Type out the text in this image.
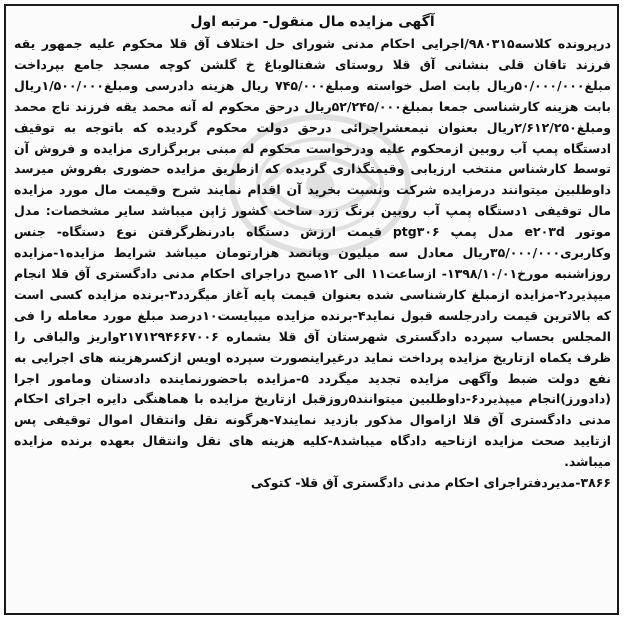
آگهی مزایده مال منقول- مرتبه اول

درپرونده کلاسه۹۸۰۳۱۵/اجرایی احکام مدنی شورای حل اختلاف آق قلا محکوم علیه جمهور یقه فرزند تاقان قلی بنشانی آق قلا روستای شفتالوباغ خ گلشن کوچه مسجد جامع بپرداخت مبلغ۵۰/۰۰۰/۰۰۰ریال بابت اصل خواسته ومبلغ۷۴۵/۰۰۰ ریال هزینه دادرسی ومبلغ۱/۵۰۰/۰۰۰ریال بابت هزینه کارشناسی جمعا بمبلغ۵۲/۲۴۵/۰۰۰ریال درحق محکوم له آنه محمد یقه فرزند تاج محمد ومبلغ۲/۶۱۲/۲۵۰ریال بعنوان نیمعشراجرائی درحق دولت محکوم گردیده که باتوجه به توقیف ادستگاه پمپ آب روبین ازمحکوم علیه ودرخواست محکوم له مبنی بربرگزاری مزایده و فروش آن توسط کارشناس منتخب ارزیابی وقیمتگذاری گردیده که ازطریق مزایده حضوری بفروش میرسد داوطلبین میتوانند درمزایده شرکت ونسبت بخرید آن اقدام نمایند شرح وقیمت مال مورد مزایده مال توقیفی ۱دستگاه پمپ آب روبین برنگ زرد ساخت کشور ژاپن میباشد سایر مشخصات: مدل موتور e۲۰۳d مدل پمپ ptg۳۰۶ قیمت ارزش دستگاه بادرنظرگرفتن نوع دستگاه- جنس وکاربری۳۵/۰۰۰/۰۰۰ریال معادل سه میلیون وپانصد هزارتومان میباشد شرایط مزایده۱-مزایده روزاشنبه مورخ۱۳۹۸/۱۰/۰۱- ازساعت۱۱ الی ۱۲صبح دراجرای احکام مدنی دادگستری آق قلا انجام میپذیرد۲-مزایده ازمبلغ کارشناسی شده بعنوان قیمت پایه آغاز میگردد۳-برنده مزایده کسی است که بالاترین قیمت رادرجلسه قبول نماید۴-برنده مزایده میبایست۱۰درصد مبلغ مورد معامله را فی المجلس بحساب سپرده دادگستری شهرستان آق قلا بشماره ۲۱۷۱۲۹۴۶۶۷۰۰۶واریز والباقی را ظرف یکماه ازتاریخ مزایده پرداخت نماید درغیراینصورت سپرده اویس ازکسرهزینه های اجرایی به نفع دولت ضبط وآگهی مزایده تجدید میگردد ۵-مزایده باحضورنماینده دادستان ومامور اجرا (دادورز)انجام میپذیرد۶-داوطلبین میتوانند۵روزقبل ازتاریخ مزایده با هماهنگی دایره اجرای احکام مدنی دادگستری آق قلا ازاموال مذکور بازدید نمایند۷-هرگونه نقل وانتقال اموال توقیفی پس ازتایید صحت مزایده ازناحیه دادگاه میباشد۸-کلیه هزینه های نقل وانتقال بعهده برنده مزایده میباشد.

۳۸۶۶-مدیردفتراجرای احکام مدنی دادگستری آق قلا- کتوکی
